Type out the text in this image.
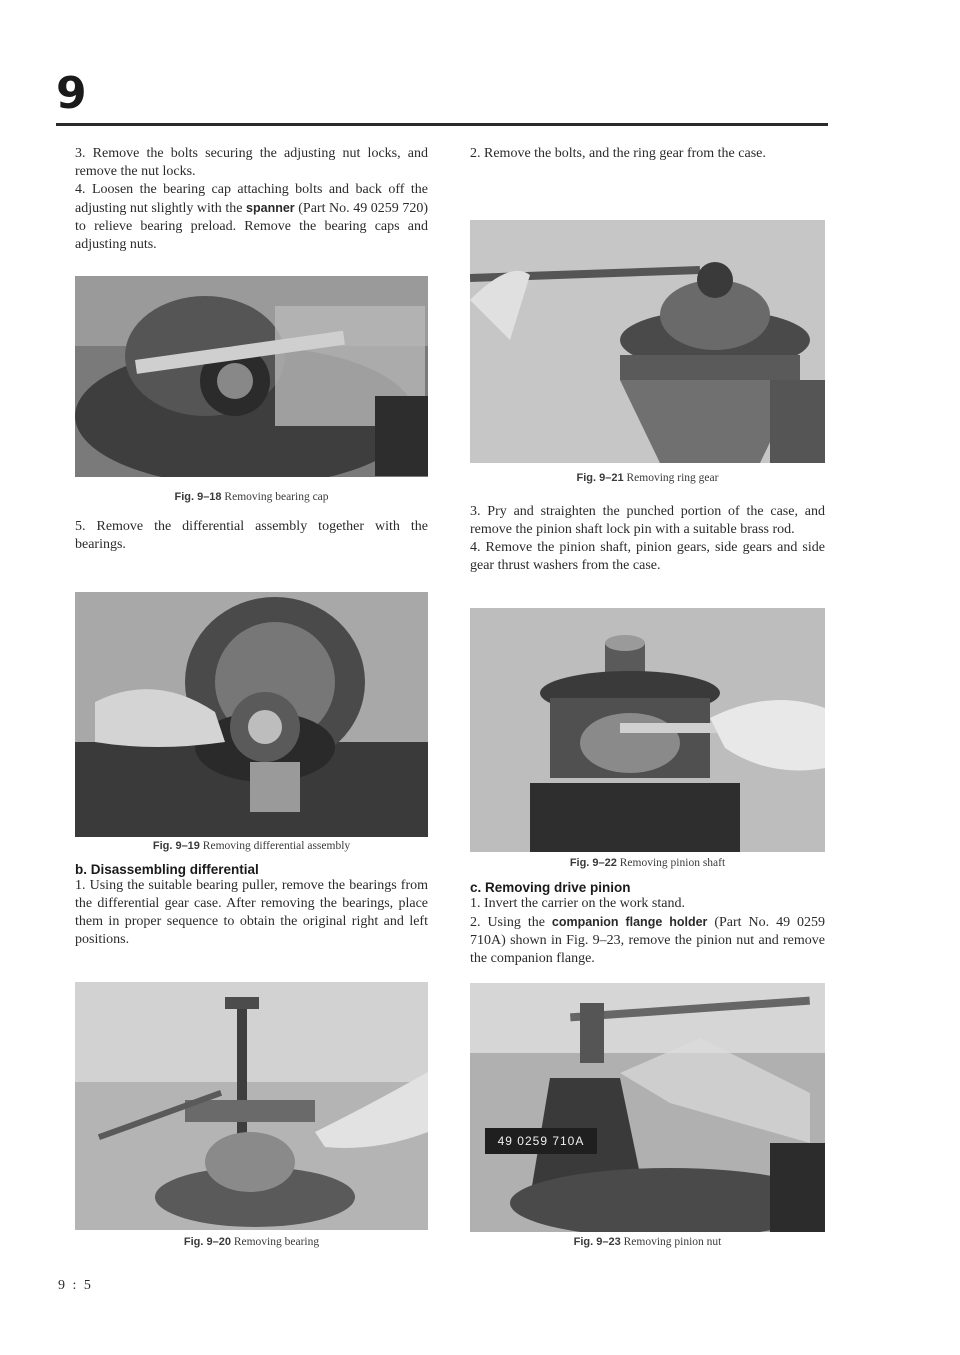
9

3. Remove the bolts securing the adjusting nut locks, and remove the nut locks.

4. Loosen the bearing cap attaching bolts and back off the adjusting nut slightly with the spanner (Part No. 49 0259 720) to relieve bearing preload. Remove the bearing caps and adjusting nuts.

Fig. 9–18 Removing bearing cap

5. Remove the differential assembly together with the bearings.

Fig. 9–19 Removing differential assembly
b. Disassembling differential

1. Using the suitable bearing puller, remove the bearings from the differential gear case. After removing the bearings, place them in proper sequence to obtain the original right and left positions.

Fig. 9–20 Removing bearing

2. Remove the bolts, and the ring gear from the case.

Fig. 9–21 Removing ring gear

3. Pry and straighten the punched portion of the case, and remove the pinion shaft lock pin with a suitable brass rod.

4. Remove the pinion shaft, pinion gears, side gears and side gear thrust washers from the case.

Fig. 9–22 Removing pinion shaft
c. Removing drive pinion

1. Invert the carrier on the work stand.

2. Using the companion flange holder (Part No. 49 0259 710A) shown in Fig. 9–23, remove the pinion nut and remove the companion flange.

49 0259 710A
Fig. 9–23 Removing pinion nut
9 : 5
